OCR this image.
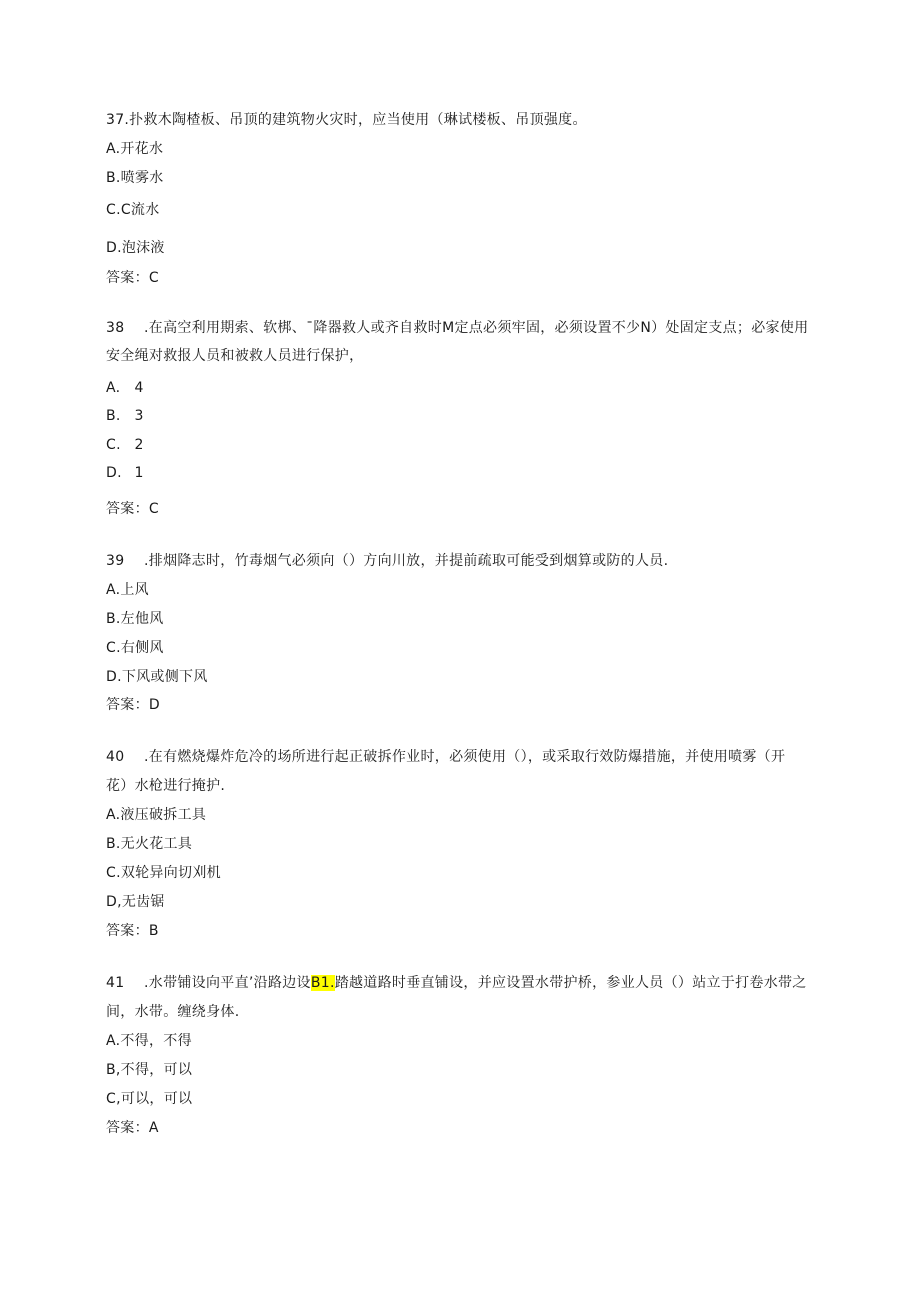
37.扑救木陶楂板、吊顶的建筑物火灾时，应当使用（琳试楼板、吊顶强度。
A.开花水
B.喷雾水
C.C流水
D.泡沫液
答案：C
38	.在高空利用期索、软梆、ˉ降器救人或齐自救时M定点必须牢固，必须设置不少N）处固定支点；必家使用
安全绳对救报人员和被救人员进行保护，
A.	4
B.	3
C.	2
D.	1
答案：C
39	.排烟降志时，竹毒烟气必须向（）方向川放，并提前疏取可能受到烟算或防的人员.
A.上风
B.左他风
C.右侧风
D.下风或侧下风
答案：D
40	.在有燃烧爆炸危冷的场所进行起正破拆作业时，必须使用（），或采取行效防爆措施，并使用喷雾（开
花）水枪进行掩护.
A.液压破拆工具
B.无火花工具
C.双轮异向切刈机
D,无齿锯
答案：B
41	.水带铺设向平直’沿路边设B1.踏越道路时垂直铺设，并应设置水带护桥，参业人员（）站立于打卷水带之
间，水带。缠绕身体.
A.不得，不得
B,不得，可以
C,可以，可以
答案：A
